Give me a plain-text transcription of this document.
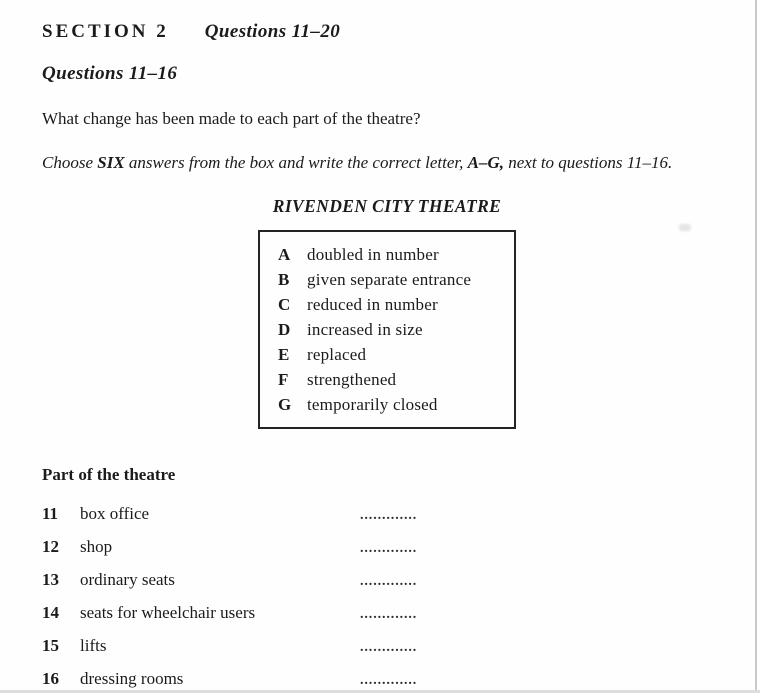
SECTION 2 Questions 11–20
Questions 11–16
What change has been made to each part of the theatre?
Choose SIX answers from the box and write the correct letter, A–G, next to questions 11–16.
RIVENDEN CITY THEATRE
A doubled in number
B	given separate entrance
C reduced in number
D increased in size
E	replaced
F	strengthened
G temporarily closed
Part of the theatre
11	box office	.............
12	shop	.............
13	ordinary seats	.............
14	seats for wheelchair users	.............
15	lifts	.............
16	dressing rooms	.............
